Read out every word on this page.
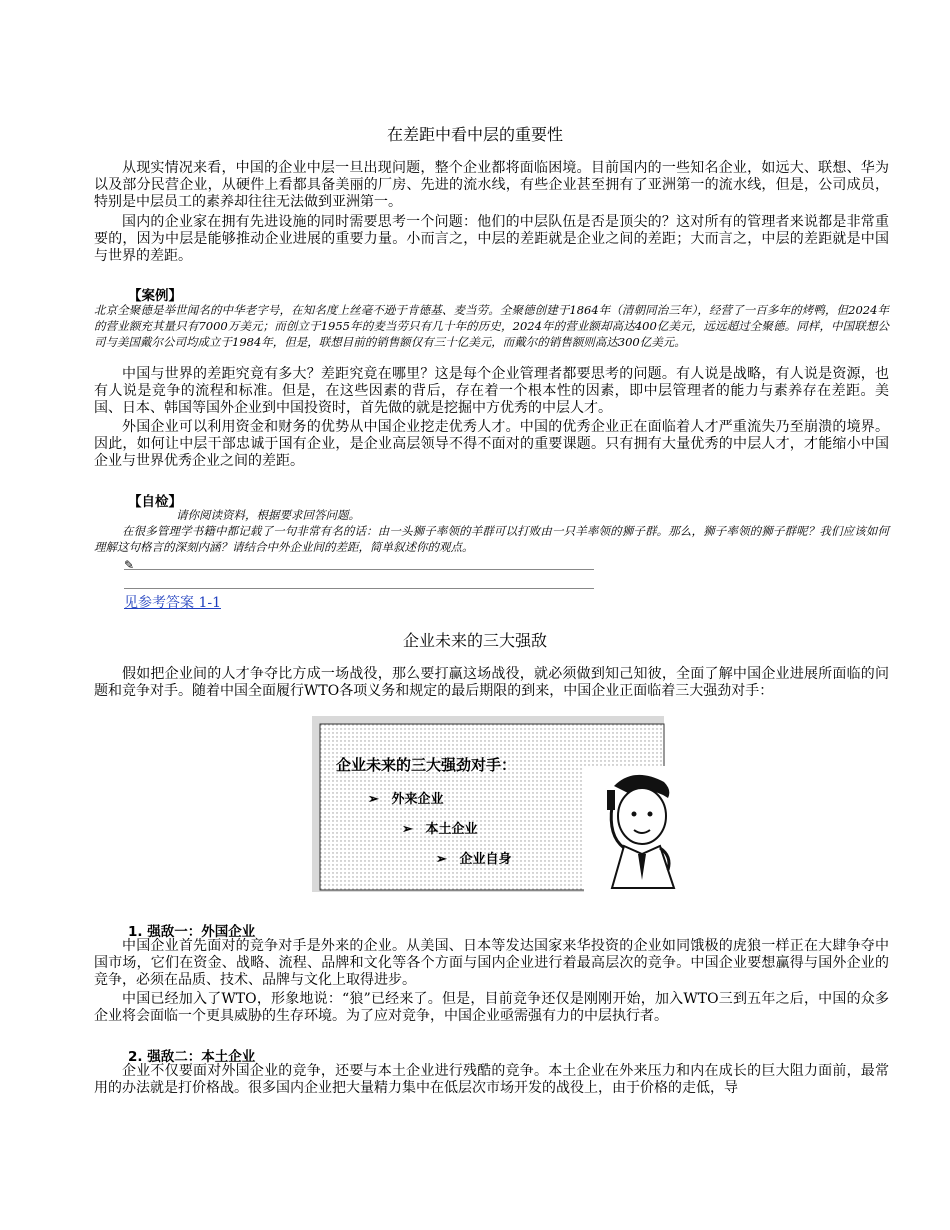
在差距中看中层的重要性

从现实情况来看，中国的企业中层一旦出现问题，整个企业都将面临困境。目前国内的一些知名企业，如远大、联想、华为以及部分民营企业，从硬件上看都具备美丽的厂房、先进的流水线，有些企业甚至拥有了亚洲第一的流水线，但是，公司成员，特别是中层员工的素养却往往无法做到亚洲第一。

国内的企业家在拥有先进设施的同时需要思考一个问题：他们的中层队伍是否是顶尖的？这对所有的管理者来说都是非常重要的，因为中层是能够推动企业进展的重要力量。小而言之，中层的差距就是企业之间的差距；大而言之，中层的差距就是中国与世界的差距。

【案例】

北京全聚德是举世闻名的中华老字号，在知名度上丝毫不逊于肯德基、麦当劳。全聚德创建于1864年（清朝同治三年），经营了一百多年的烤鸭，但2024年的营业额充其量只有7000万美元；而创立于1955年的麦当劳只有几十年的历史，2024年的营业额却高达400亿美元，远远超过全聚德。同样，中国联想公司与美国戴尔公司均成立于1984年，但是，联想目前的销售额仅有三十亿美元，而戴尔的销售额则高达300亿美元。

中国与世界的差距究竟有多大？差距究竟在哪里？这是每个企业管理者都要思考的问题。有人说是战略，有人说是资源，也有人说是竞争的流程和标准。但是，在这些因素的背后，存在着一个根本性的因素，即中层管理者的能力与素养存在差距。美国、日本、韩国等国外企业到中国投资时，首先做的就是挖掘中方优秀的中层人才。

外国企业可以利用资金和财务的优势从中国企业挖走优秀人才。中国的优秀企业正在面临着人才严重流失乃至崩溃的境界。因此，如何让中层干部忠诚于国有企业，是企业高层领导不得不面对的重要课题。只有拥有大量优秀的中层人才，才能缩小中国企业与世界优秀企业之间的差距。

【自检】
请你阅读资料，根据要求回答问题。

在很多管理学书籍中都记载了一句非常有名的话：由一头狮子率领的羊群可以打败由一只羊率领的狮子群。那么，狮子率领的狮子群呢？我们应该如何理解这句格言的深刻内涵？请结合中外企业间的差距，简单叙述你的观点。

✎
见参考答案 1-1
企业未来的三大强敌

假如把企业间的人才争夺比方成一场战役，那么要打赢这场战役，就必须做到知己知彼，全面了解中国企业进展所面临的问题和竞争对手。随着中国全面履行WTO各项义务和规定的最后期限的到来，中国企业正面临着三大强劲对手：

企业未来的三大强劲对手：
➢ 外来企业
➢ 本土企业
➢ 企业自身
1. 强敌一：外国企业

中国企业首先面对的竞争对手是外来的企业。从美国、日本等发达国家来华投资的企业如同饿极的虎狼一样正在大肆争夺中国市场，它们在资金、战略、流程、品牌和文化等各个方面与国内企业进行着最高层次的竞争。中国企业要想赢得与国外企业的竞争，必须在品质、技术、品牌与文化上取得进步。

中国已经加入了WTO，形象地说：“狼”已经来了。但是，目前竞争还仅是刚刚开始，加入WTO三到五年之后，中国的众多企业将会面临一个更具威胁的生存环境。为了应对竞争，中国企业亟需强有力的中层执行者。

2. 强敌二：本土企业

企业不仅要面对外国企业的竞争，还要与本土企业进行残酷的竞争。本土企业在外来压力和内在成长的巨大阻力面前，最常用的办法就是打价格战。很多国内企业把大量精力集中在低层次市场开发的战役上，由于价格的走低，导
